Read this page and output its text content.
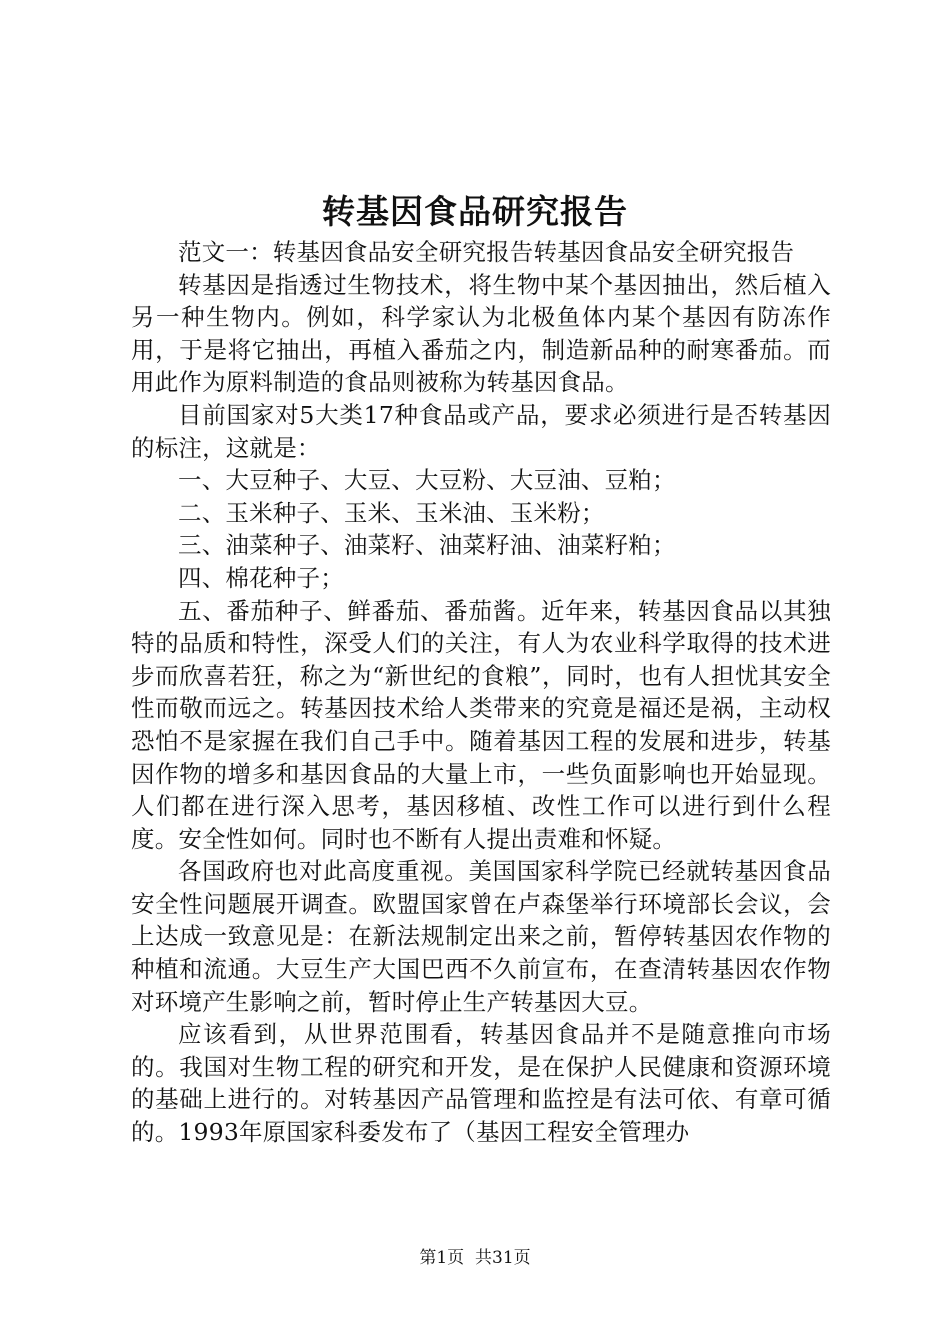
转基因食品研究报告

范文一：转基因食品安全研究报告转基因食品安全研究报告

转基因是指透过生物技术，将生物中某个基因抽出，然后植入另一种生物内。例如，科学家认为北极鱼体内某个基因有防冻作用，于是将它抽出，再植入番茄之内，制造新品种的耐寒番茄。而用此作为原料制造的食品则被称为转基因食品。

目前国家对5大类17种食品或产品，要求必须进行是否转基因的标注，这就是：

一、大豆种子、大豆、大豆粉、大豆油、豆粕；

二、玉米种子、玉米、玉米油、玉米粉；

三、油菜种子、油菜籽、油菜籽油、油菜籽粕；

四、棉花种子；

五、番茄种子、鲜番茄、番茄酱。近年来，转基因食品以其独特的品质和特性，深受人们的关注，有人为农业科学取得的技术进步而欣喜若狂，称之为“新世纪的食粮”，同时，也有人担忧其安全性而敬而远之。转基因技术给人类带来的究竟是福还是祸，主动权恐怕不是家握在我们自己手中。随着基因工程的发展和进步，转基因作物的增多和基因食品的大量上市，一些负面影响也开始显现。人们都在进行深入思考，基因移植、改性工作可以进行到什么程度。安全性如何。同时也不断有人提出责难和怀疑。

各国政府也对此高度重视。美国国家科学院已经就转基因食品安全性问题展开调查。欧盟国家曾在卢森堡举行环境部长会议，会上达成一致意见是：在新法规制定出来之前，暂停转基因农作物的种植和流通。大豆生产大国巴西不久前宣布，在查清转基因农作物对环境产生影响之前，暂时停止生产转基因大豆。

应该看到，从世界范围看，转基因食品并不是随意推向市场的。我国对生物工程的研究和开发，是在保护人民健康和资源环境的基础上进行的。对转基因产品管理和监控是有法可依、有章可循的。1993年原国家科委发布了（基因工程安全管理办

第1页 共31页
